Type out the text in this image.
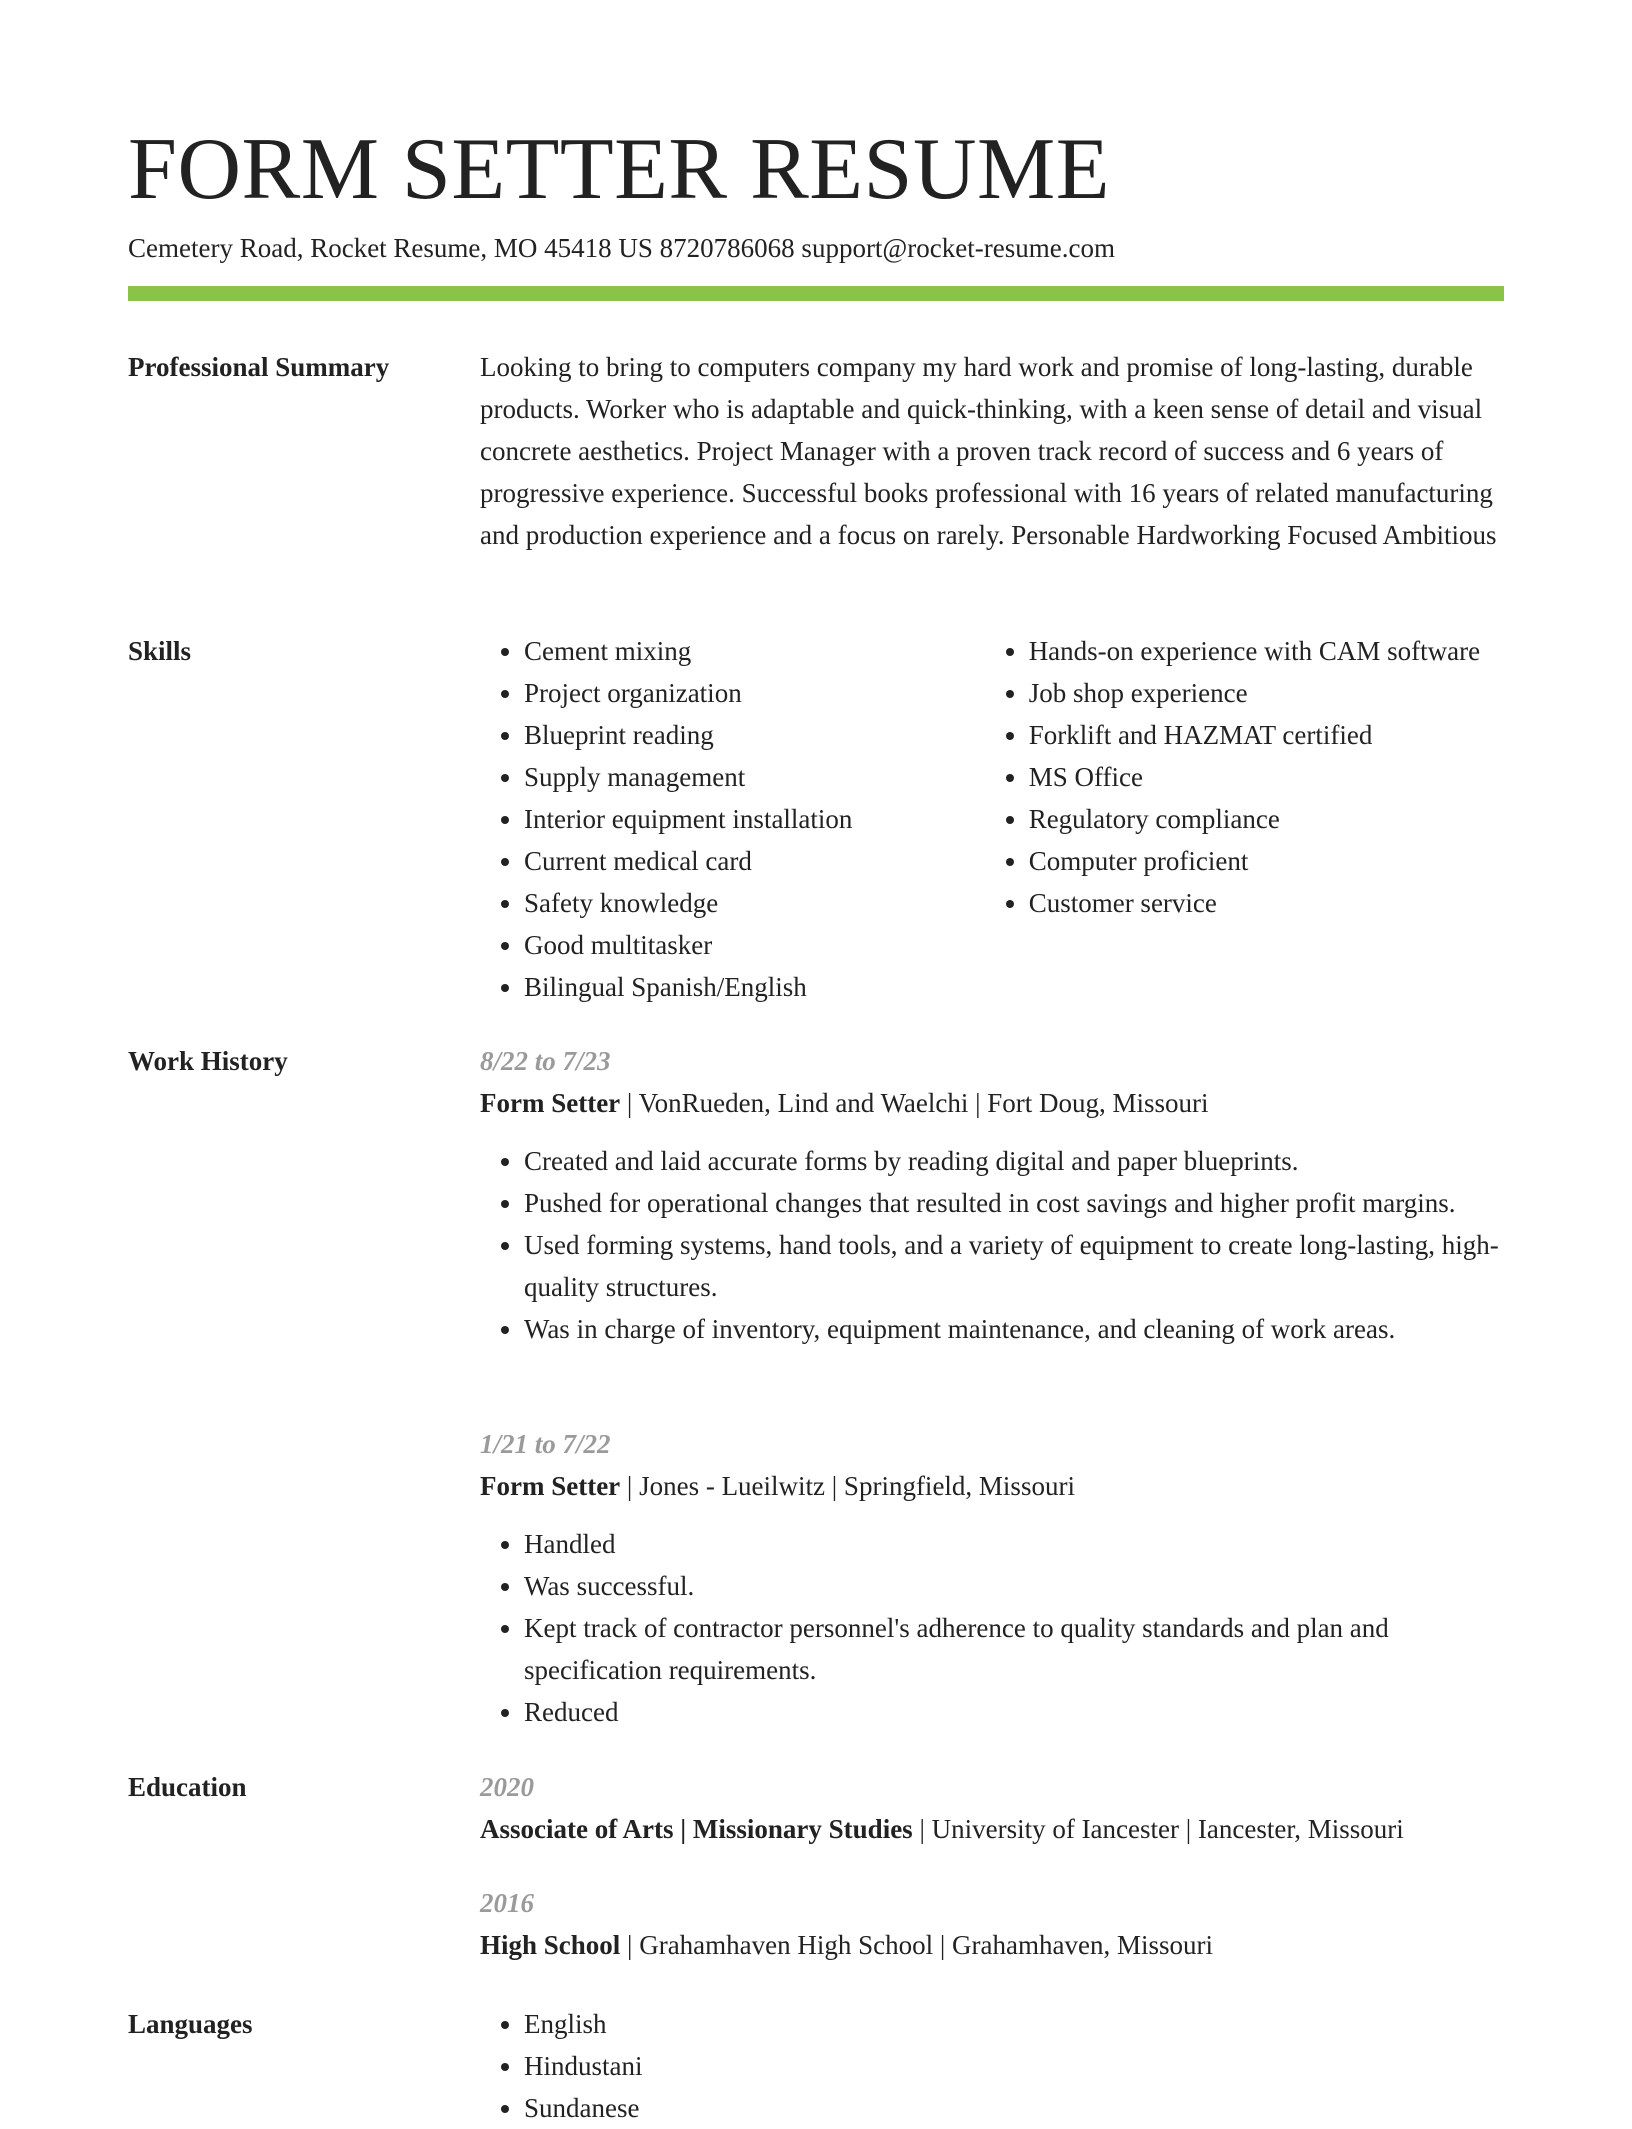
FORM SETTER RESUME
Cemetery Road, Rocket Resume, MO 45418 US 8720786068 support@rocket-resume.com
Professional Summary	Looking to bring to computers company my hard work and promise of long-lasting, durable products. Worker who is adaptable and quick-thinking, with a keen sense of detail and visual concrete aesthetics. Project Manager with a proven track record of success and 6 years of progressive experience. Successful books professional with 16 years of related manufacturing and production experience and a focus on rarely. Personable Hardworking Focused Ambitious

Skills	• Cement mixing
• Project organization
• Blueprint reading
• Supply management
• Interior equipment installation
• Current medical card
• Safety knowledge
• Good multitasker
• Bilingual Spanish/English
• Hands-on experience with CAM software
• Job shop experience
• Forklift and HAZMAT certified
• MS Office
• Regulatory compliance
• Computer proficient
• Customer service
Work History	8/22 to 7/23
Form Setter | VonRueden, Lind and Waelchi | Fort Doug, Missouri
• Created and laid accurate forms by reading digital and paper blueprints.
• Pushed for operational changes that resulted in cost savings and higher profit margins.
• Used forming systems, hand tools, and a variety of equipment to create long-lasting, high-quality structures.
• Was in charge of inventory, equipment maintenance, and cleaning of work areas.
1/21 to 7/22
Form Setter | Jones - Lueilwitz | Springfield, Missouri
• Handled
• Was successful.
• Kept track of contractor personnel's adherence to quality standards and plan and specification requirements.
• Reduced
Education	2020
Associate of Arts | Missionary Studies | University of Iancester | Iancester, Missouri
2016
High School | Grahamhaven High School | Grahamhaven, Missouri
Languages	• English
• Hindustani
• Sundanese
